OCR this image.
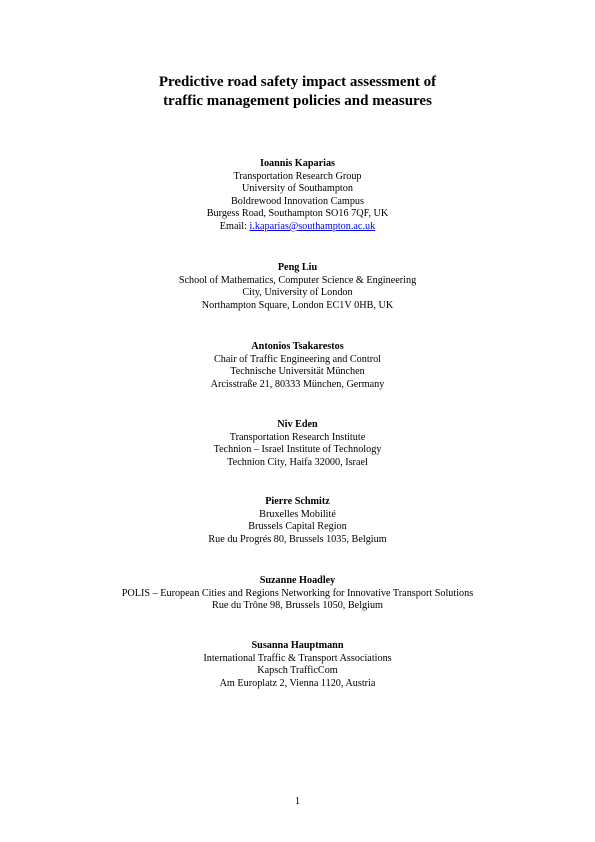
Predictive road safety impact assessment of
traffic management policies and measures
Ioannis Kaparias
Transportation Research Group
University of Southampton
Boldrewood Innovation Campus
Burgess Road, Southampton SO16 7QF, UK
Email: i.kaparias@southampton.ac.uk
Peng Liu
School of Mathematics, Computer Science & Engineering
City, University of London
Northampton Square, London EC1V 0HB, UK
Antonios Tsakarestos
Chair of Traffic Engineering and Control
Technische Universität München
Arcisstraße 21, 80333 München, Germany
Niv Eden
Transportation Research Institute
Technion – Israel Institute of Technology
Technion City, Haifa 32000, Israel
Pierre Schmitz
Bruxelles Mobilité
Brussels Capital Region
Rue du Progrés 80, Brussels 1035, Belgium
Suzanne Hoadley
POLIS – European Cities and Regions Networking for Innovative Transport Solutions
Rue du Trône 98, Brussels 1050, Belgium
Susanna Hauptmann
International Traffic & Transport Associations
Kapsch TrafficCom
Am Europlatz 2, Vienna 1120, Austria
1
